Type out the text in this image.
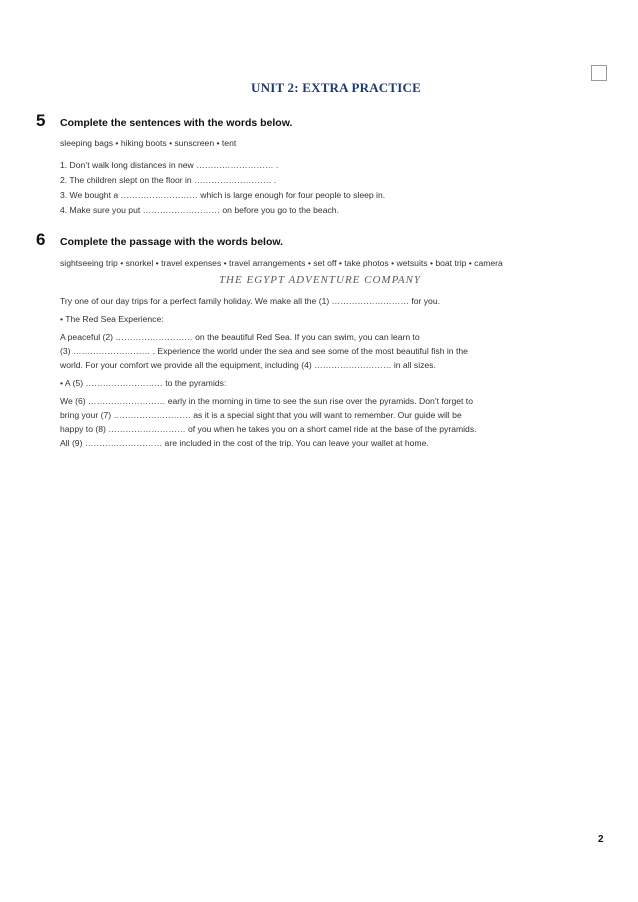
UNIT 2: EXTRA PRACTICE
5	Complete the sentences with the words below.
sleeping bags • hiking boots • sunscreen • tent
1. Don’t walk long distances in new ……………………… .
2. The children slept on the floor in ……………………… .
3. We bought a ……………………… which is large enough for four people to sleep in.
4. Make sure you put ……………………… on before you go to the beach.
6	Complete the passage with the words below.
sightseeing trip • snorkel • travel expenses • travel arrangements • set off • take photos • wetsuits • boat trip • camera
THE EGYPT ADVENTURE COMPANY
Try one of our day trips for a perfect family holiday. We make all the (1) ……………………… for you.
• The Red Sea Experience:
A peaceful (2) ……………………… on the beautiful Red Sea. If you can swim, you can learn to
(3) ……………………… . Experience the world under the sea and see some of the most beautiful fish in the
world. For your comfort we provide all the equipment, including (4) ……………………… in all sizes.
• A (5) ……………………… to the pyramids:
We (6) ……………………… early in the morning in time to see the sun rise over the pyramids. Don’t forget to
bring your (7) ……………………… as it is a special sight that you will want to remember. Our guide will be
happy to (8) ……………………… of you when he takes you on a short camel ride at the base of the pyramids.
All (9) ……………………… are included in the cost of the trip. You can leave your wallet at home.
2
